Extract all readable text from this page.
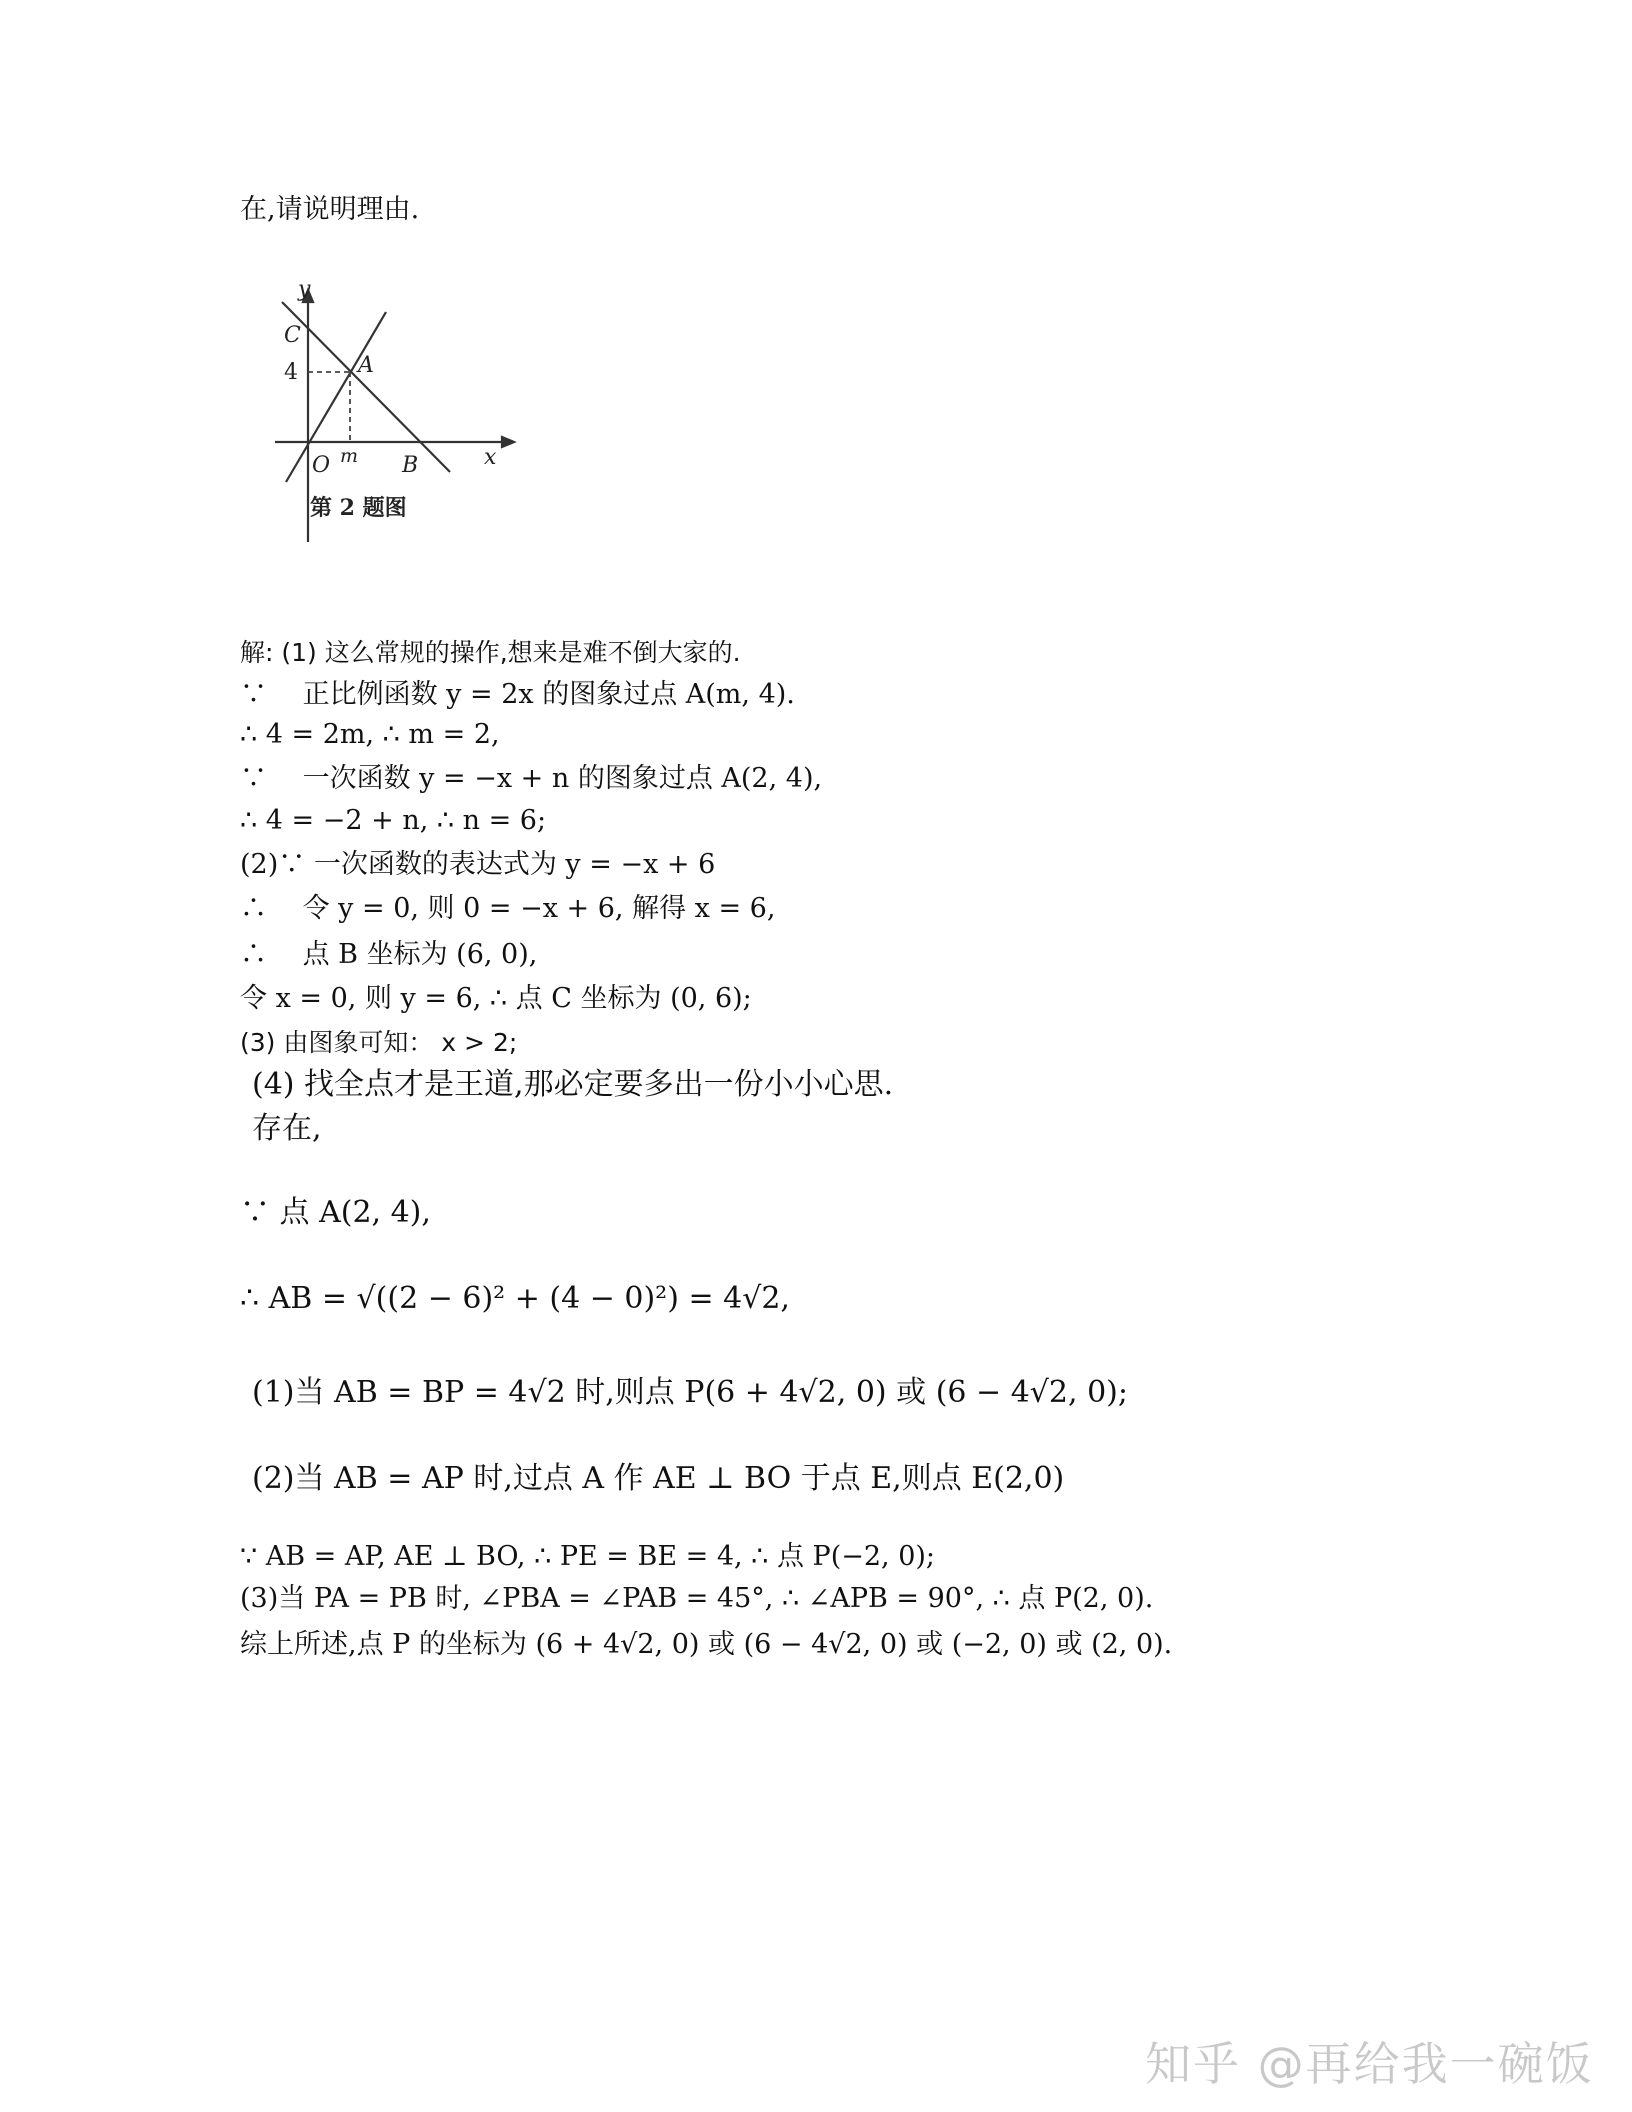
在,请说明理由.
y
C
4	A
O m B	x
第 2 题图
解: (1) 这么常规的操作,想来是难不倒大家的.
∵　 正比例函数 y = 2x 的图象过点 A(m, 4).
∴ 4 = 2m, ∴ m = 2,
∵　 一次函数 y = −x + n 的图象过点 A(2, 4),
∴ 4 = −2 + n, ∴ n = 6;
(2)∵ 一次函数的表达式为 y = −x + 6
∴　 令 y = 0, 则 0 = −x + 6, 解得 x = 6,
∴　 点 B 坐标为 (6, 0),
令 x = 0, 则 y = 6, ∴ 点 C 坐标为 (0, 6);
(3) 由图象可知： x > 2;
(4) 找全点才是王道,那必定要多出一份小小心思.
存在,
∵ 点 A(2, 4),
∴ AB = √((2 − 6)² + (4 − 0)²) = 4√2,
(1)当 AB = BP = 4√2 时,则点 P(6 + 4√2, 0) 或 (6 − 4√2, 0);
(2)当 AB = AP 时,过点 A 作 AE ⊥ BO 于点 E,则点 E(2,0)
∵ AB = AP, AE ⊥ BO, ∴ PE = BE = 4, ∴ 点 P(−2, 0);
(3)当 PA = PB 时, ∠PBA = ∠PAB = 45°, ∴ ∠APB = 90°, ∴ 点 P(2, 0).
综上所述,点 P 的坐标为 (6 + 4√2, 0) 或 (6 − 4√2, 0) 或 (−2, 0) 或 (2, 0).
知乎 @再给我一碗饭
